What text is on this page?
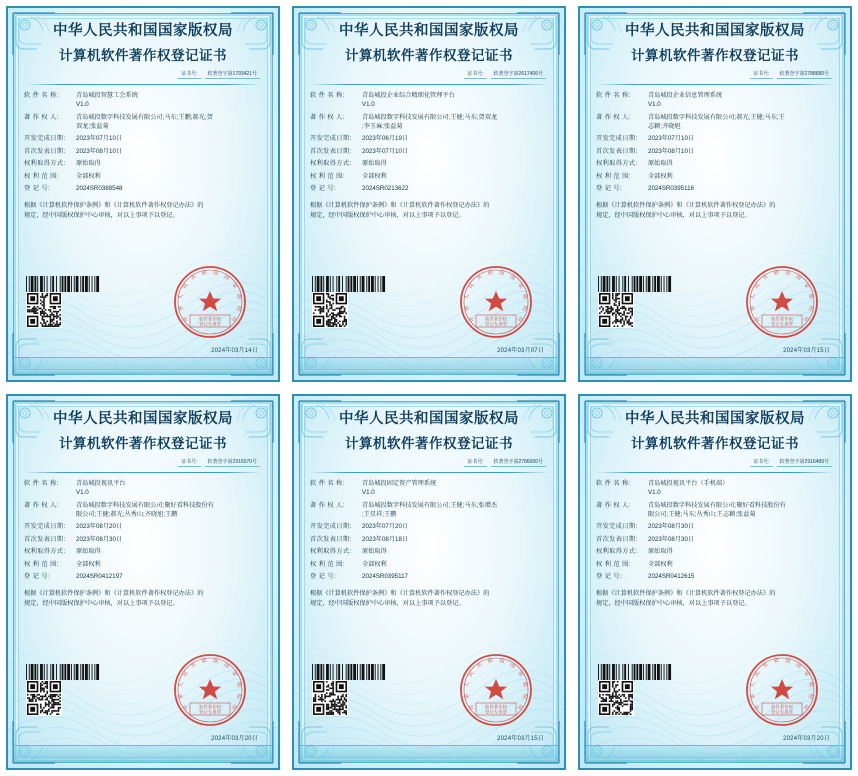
中华人民共和国国家版权局
计算机软件著作权登记证书
证书号:	软著登字第1793421号
软 件 名 称:	青岛城投智慧工会系统
V1.0
著 作 权 人:	青岛城投数字科技发展有限公司;马东;王鹏;郝光;贺
双龙;张益菊
开发完成日期:	2023年07月10日
首次发表日期:	2023年08月10日
权利取得方式:	原始取得
权 利 范 围:	全部权利
登 记 号:	2024SR0389548
根据《计算机软件保护条例》和《计算机软件著作权登记办法》的
规定，经中国版权保护中心审核，对以上事项予以登记。
中
华
人
民
共
和 国
国
家
版
权
局
软件著作权
登记专用章
2024年03月14日
中华人民共和国国家版权局
计算机软件著作权登记证书
证书号:	软著登字第2617406号
软 件 名 称:	青岛城投企业综合精细化管理平台
V1.0
著 作 权 人:	青岛城投数字科技发展有限公司;王健;马东;贺双龙
;李玉麻;张益菊
开发完成日期:	2023年06月19日
首次发表日期:	2023年07月10日
权利取得方式:	原始取得
权 利 范 围:	全部权利
登 记 号:	2024SR0213622
根据《计算机软件保护条例》和《计算机软件著作权登记办法》的
规定，经中国版权保护中心审核，对以上事项予以登记。
中
华
人
民
共
和 国
国
家
版
权
局
软件著作权
登记专用章
2024年03月07日
中华人民共和国国家版权局
计算机软件著作权登记证书
证书号:	软著登字第2788680号
软 件 名 称:	青岛城投企业信息管理系统
V1.0
著 作 权 人:	青岛城投数字科技发展有限公司;郝光;王健;马东;王
志颖;齐晓旭
开发完成日期:	2023年07月10日
首次发表日期:	2023年08月10日
权利取得方式:	原始取得
权 利 范 围:	全部权利
登 记 号:	2024SR0395116
根据《计算机软件保护条例》和《计算机软件著作权登记办法》的
规定，经中国版权保护中心审核，对以上事项予以登记。
中
华
人
民
共
和 国
国
家
版
权
局
软件著作权
登记专用章
2024年03月15日
中华人民共和国国家版权局
计算机软件著作权登记证书
证书号:	软著登字第2916070号
软 件 名 称:	青岛城投视讯平台
V1.0
著 作 权 人:	青岛城投数字科技发展有限公司;聚好看科技股份有
限公司;王健;郝光;丛秀山;齐晓旭;王鹏
开发完成日期:	2023年08月20日
首次发表日期:	2023年08月30日
权利取得方式:	原始取得
权 利 范 围:	全部权利
登 记 号:	2024SR0412197
根据《计算机软件保护条例》和《计算机软件著作权登记办法》的
规定，经中国版权保护中心审核，对以上事项予以登记。
中
华
人
民
共
和 国
国
家
版
权
局
软件著作权
登记专用章
2024年03月20日
中华人民共和国国家版权局
计算机软件著作权登记证书
证书号:	软著登字第2786000号
软 件 名 称:	青岛城投固定资产管理系统
V1.0
著 作 权 人:	青岛城投数字科技发展有限公司;王健;马东;张增杰
;王星祥;王鹏
开发完成日期:	2023年07月20日
首次发表日期:	2023年08月18日
权利取得方式:	原始取得
权 利 范 围:	全部权利
登 记 号:	2024SR0395117
根据《计算机软件保护条例》和《计算机软件著作权登记办法》的
规定，经中国版权保护中心审核，对以上事项予以登记。
中
华
人
民
共
和 国
国
家
版
权
局
软件著作权
登记专用章
2024年03月15日
中华人民共和国国家版权局
计算机软件著作权登记证书
证书号:	软著登字第2916489号
软 件 名 称:	青岛城投视讯平台（手机端）
V1.0
著 作 权 人:	青岛城投数字科技发展有限公司;聚好看科技股份有
限公司;王健;马东;丛秀山;王志颖;张益菊
开发完成日期:	2023年08月30日
首次发表日期:	2023年08月30日
权利取得方式:	原始取得
权 利 范 围:	全部权利
登 记 号:	2024SR0412615
根据《计算机软件保护条例》和《计算机软件著作权登记办法》的
规定，经中国版权保护中心审核，对以上事项予以登记。
中
华
人
民
共
和 国
国
家
版
权
局
软件著作权
登记专用章
2024年03月20日
